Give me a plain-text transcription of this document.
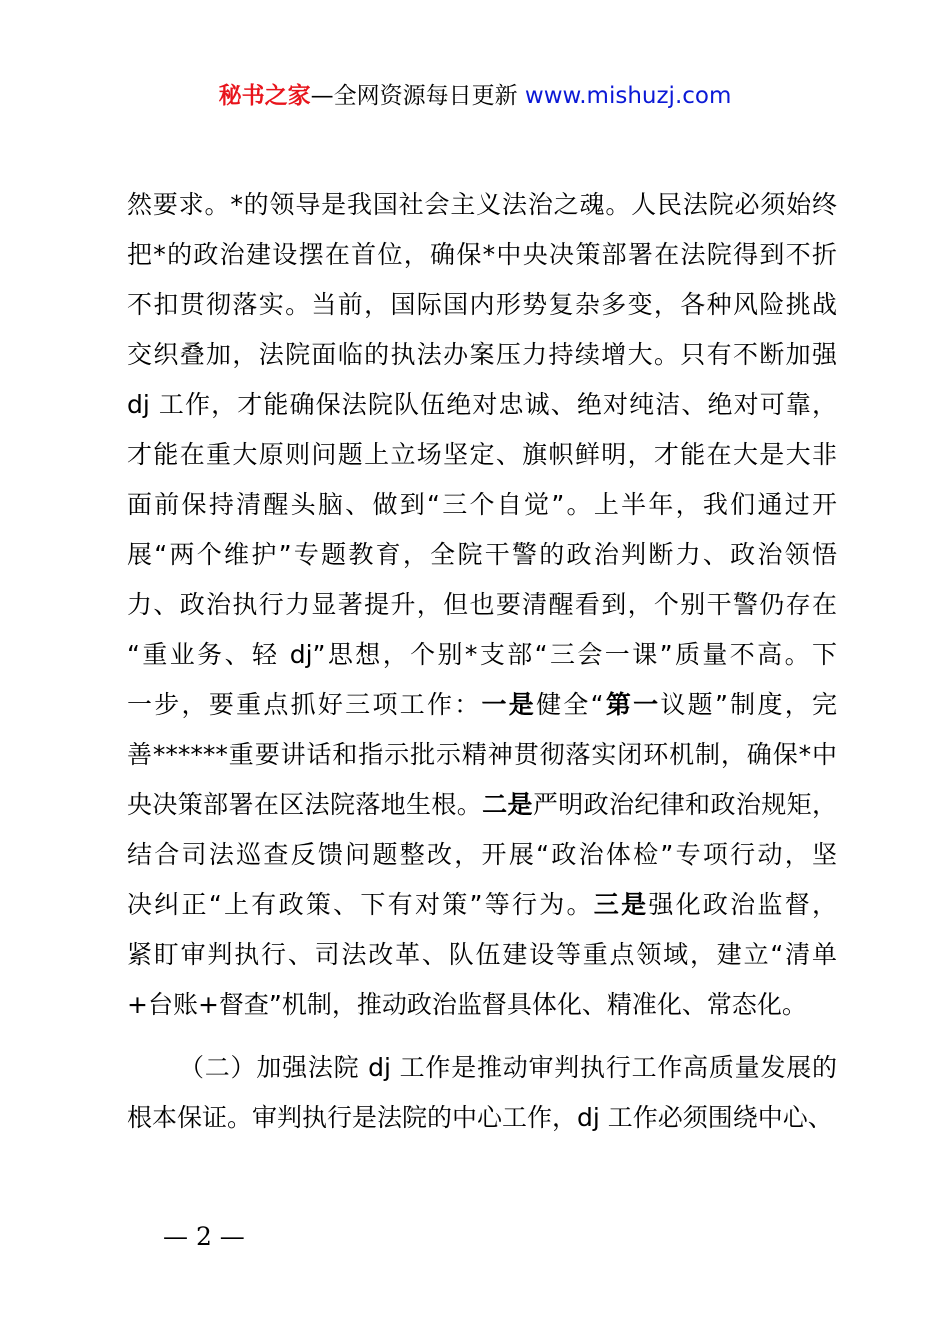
秘书之家—全网资源每日更新 www.mishuzj.com
然要求。*的领导是我国社会主义法治之魂。人民法院必须始终
把*的政治建设摆在首位，确保*中央决策部署在法院得到不折
不扣贯彻落实。当前，国际国内形势复杂多变，各种风险挑战
交织叠加，法院面临的执法办案压力持续增大。只有不断加强
dj 工作，才能确保法院队伍绝对忠诚、绝对纯洁、绝对可靠，
才能在重大原则问题上立场坚定、旗帜鲜明，才能在大是大非
面前保持清醒头脑、做到“三个自觉”。上半年，我们通过开
展“两个维护”专题教育，全院干警的政治判断力、政治领悟
力、政治执行力显著提升，但也要清醒看到，个别干警仍存在
“重业务、轻 dj”思想，个别*支部“三会一课”质量不高。下
一步，要重点抓好三项工作：一是健全“第一议题”制度，完
善******重要讲话和指示批示精神贯彻落实闭环机制，确保*中
央决策部署在区法院落地生根。二是严明政治纪律和政治规矩，
结合司法巡查反馈问题整改，开展“政治体检”专项行动，坚
决纠正“上有政策、下有对策”等行为。三是强化政治监督，
紧盯审判执行、司法改革、队伍建设等重点领域，建立“清单
+台账+督查”机制，推动政治监督具体化、精准化、常态化。
（二）加强法院 dj 工作是推动审判执行工作高质量发展的
根本保证。审判执行是法院的中心工作，dj 工作必须围绕中心、
— 2 —
